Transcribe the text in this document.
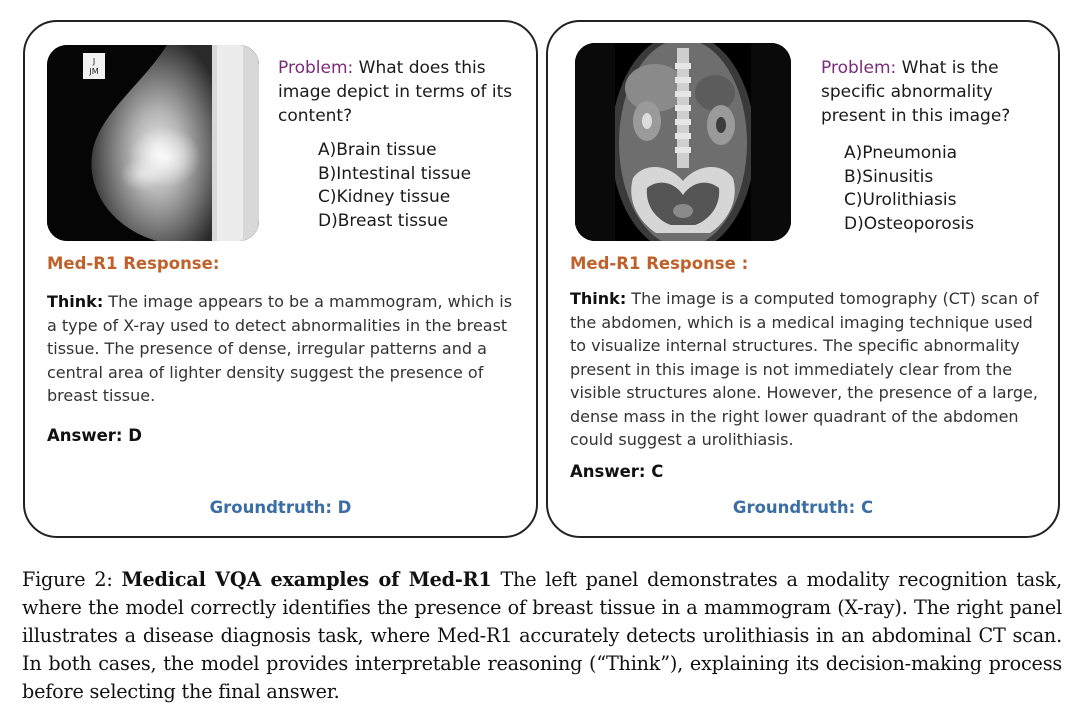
J
JM	Problem: What does this image depict in terms of its content?
A)Brain tissue
B)Intestinal tissue
C)Kidney tissue
D)Breast tissue
Med-R1 Response:
Think: The image appears to be a mammogram, which is a type of X-ray used to detect abnormalities in the breast tissue. The presence of dense, irregular patterns and a central area of lighter density suggest the presence of breast tissue.
Answer: D
Groundtruth: D
Problem: What is the specific abnormality present in this image?
A)Pneumonia
B)Sinusitis
C)Urolithiasis
D)Osteoporosis
Med-R1 Response :
Think: The image is a computed tomography (CT) scan of the abdomen, which is a medical imaging technique used to visualize internal structures. The specific abnormality present in this image is not immediately clear from the visible structures alone. However, the presence of a large, dense mass in the right lower quadrant of the abdomen could suggest a urolithiasis.
Answer: C
Groundtruth: C
Figure 2: Medical VQA examples of Med-R1 The left panel demonstrates a modality recognition task, where the model correctly identifies the presence of breast tissue in a mammogram (X-ray). The right panel illustrates a disease diagnosis task, where Med-R1 accurately detects urolithiasis in an abdominal CT scan. In both cases, the model provides interpretable reasoning (“Think”), explaining its decision-making process before selecting the final answer.
